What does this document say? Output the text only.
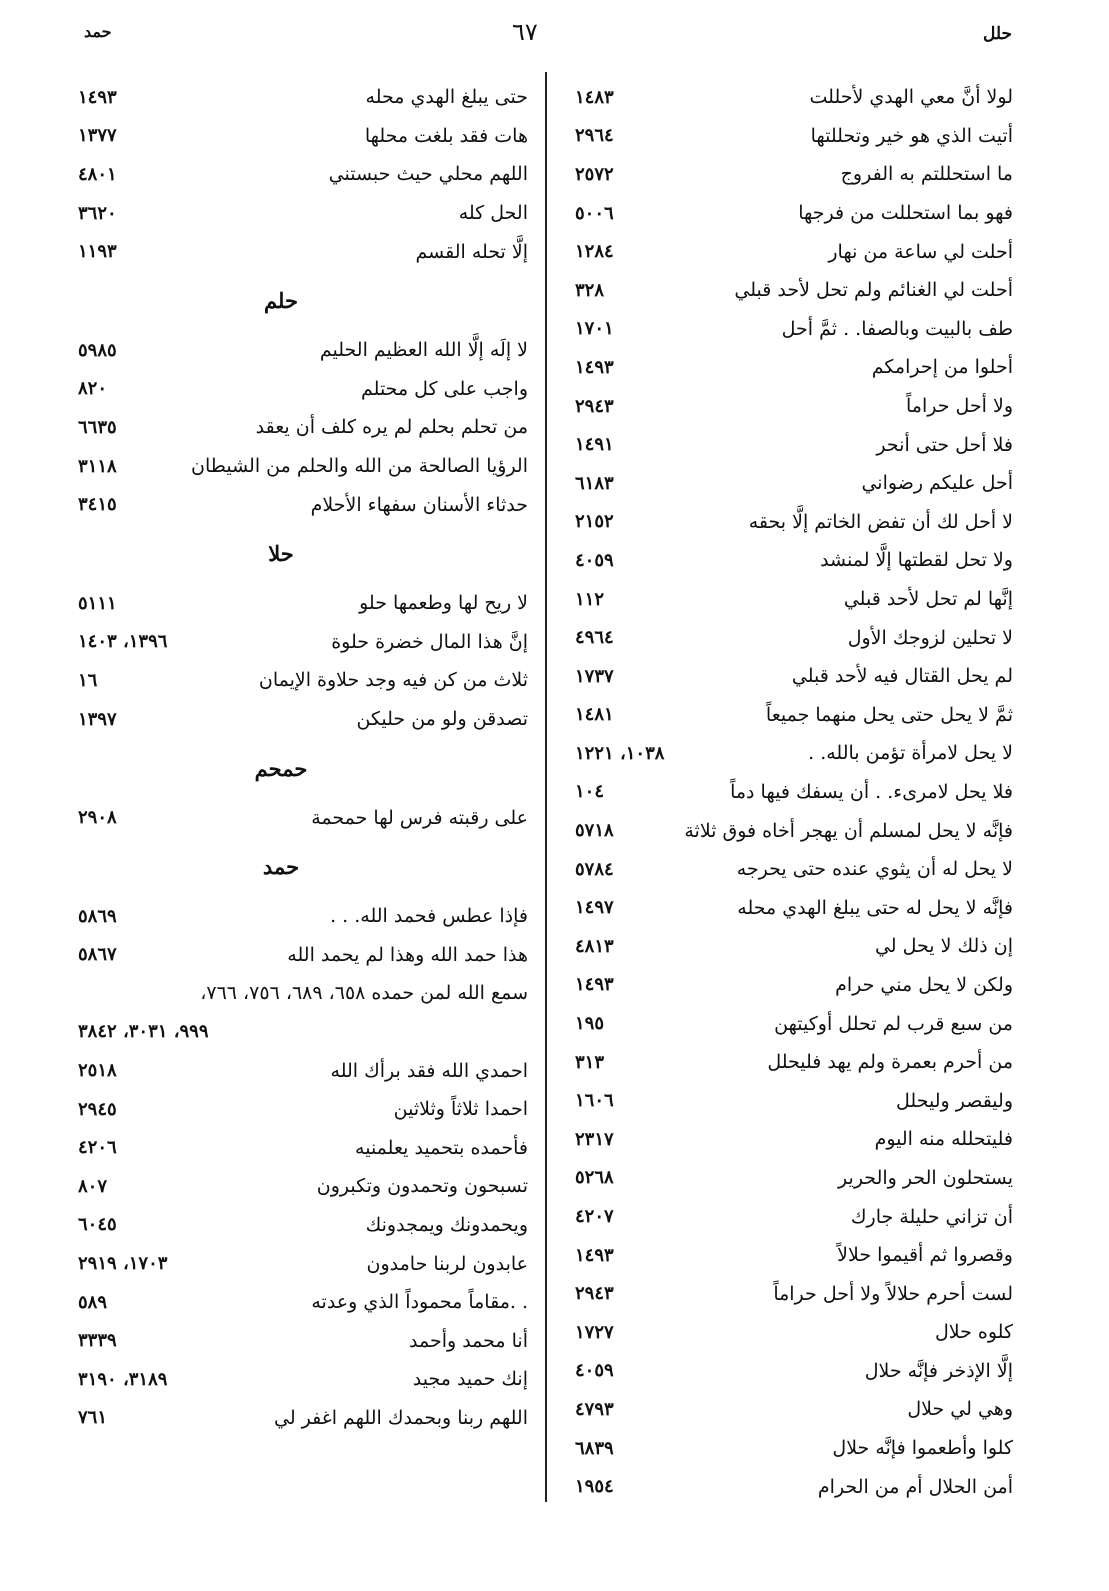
حلل
٦٧
حمد
لولا أنَّ معي الهدي لأحللت
١٤٨٣
أتيت الذي هو خير وتحللتها
٢٩٦٤
ما استحللتم به الفروج
٢٥٧٢
فهو بما استحللت من فرجها
٥٠٠٦
أحلت لي ساعة من نهار
١٢٨٤
أحلت لي الغنائم ولم تحل لأحد قبلي
٣٢٨
طف بالبيت وبالصفا. . ثمَّ أحل
١٧٠١
أحلوا من إحرامكم
١٤٩٣
ولا أحل حراماً
٢٩٤٣
فلا أحل حتى أنحر
١٤٩١
أحل عليكم رضواني
٦١٨٣
لا أحل لك أن تفض الخاتم إلَّا بحقه
٢١٥٢
ولا تحل لقطتها إلَّا لمنشد
٤٠٥٩
إنَّها لم تحل لأحد قبلي
١١٢
لا تحلين لزوجك الأول
٤٩٦٤
لم يحل القتال فيه لأحد قبلي
١٧٣٧
ثمَّ لا يحل حتى يحل منهما جميعاً
١٤٨١
لا يحل لامرأة تؤمن بالله. .
١٠٣٨، ١٢٢١
فلا يحل لامرىء. . أن يسفك فيها دماً
١٠٤
فإنَّه لا يحل لمسلم أن يهجر أخاه فوق ثلاثة
٥٧١٨
لا يحل له أن يثوي عنده حتى يحرجه
٥٧٨٤
فإنَّه لا يحل له حتى يبلغ الهدي محله
١٤٩٧
إن ذلك لا يحل لي
٤٨١٣
ولكن لا يحل مني حرام
١٤٩٣
من سبع قرب لم تحلل أوكيتهن
١٩٥
من أحرم بعمرة ولم يهد فليحلل
٣١٣
وليقصر وليحلل
١٦٠٦
فليتحلله منه اليوم
٢٣١٧
يستحلون الحر والحرير
٥٢٦٨
أن تزاني حليلة جارك
٤٢٠٧
وقصروا ثم أقيموا حلالاً
١٤٩٣
لست أحرم حلالاً ولا أحل حراماً
٢٩٤٣
كلوه حلال
١٧٢٧
إلَّا الإذخر فإنَّه حلال
٤٠٥٩
وهي لي حلال
٤٧٩٣
كلوا وأطعموا فإنَّه حلال
٦٨٣٩
أمن الحلال أم من الحرام
١٩٥٤
حتى يبلغ الهدي محله
١٤٩٣
هات فقد بلغت محلها
١٣٧٧
اللهم محلي حيث حبستني
٤٨٠١
الحل كله
٣٦٢٠
إلَّا تحله القسم
١١٩٣
حلم
لا إلَه إلَّا الله العظيم الحليم
٥٩٨٥
واجب على كل محتلم
٨٢٠
من تحلم بحلم لم يره كلف أن يعقد
٦٦٣٥
الرؤيا الصالحة من الله والحلم من الشيطان
٣١١٨
حدثاء الأسنان سفهاء الأحلام
٣٤١٥
حلا
لا ريح لها وطعمها حلو
٥١١١
إنَّ هذا المال خضرة حلوة
١٣٩٦، ١٤٠٣
ثلاث من كن فيه وجد حلاوة الإيمان
١٦
تصدقن ولو من حليكن
١٣٩٧
حمحم
على رقبته فرس لها حمحمة
٢٩٠٨
حمد
فإذا عطس فحمد الله. . .
٥٨٦٩
هذا حمد الله وهذا لم يحمد الله
٥٨٦٧
سمع الله لمن حمده ٦٥٨، ٦٨٩، ٧٥٦، ٧٦٦،
٩٩٩، ٣٠٣١، ٣٨٤٢
احمدي الله فقد برأك الله
٢٥١٨
احمدا ثلاثاً وثلاثين
٢٩٤٥
فأحمده بتحميد يعلمنيه
٤٢٠٦
تسبحون وتحمدون وتكبرون
٨٠٧
ويحمدونك ويمجدونك
٦٠٤٥
عابدون لربنا حامدون
١٧٠٣، ٢٩١٩
. .مقاماً محموداً الذي وعدته
٥٨٩
أنا محمد وأحمد
٣٣٣٩
إنك حميد مجيد
٣١٨٩، ٣١٩٠
اللهم ربنا وبحمدك اللهم اغفر لي
٧٦١
